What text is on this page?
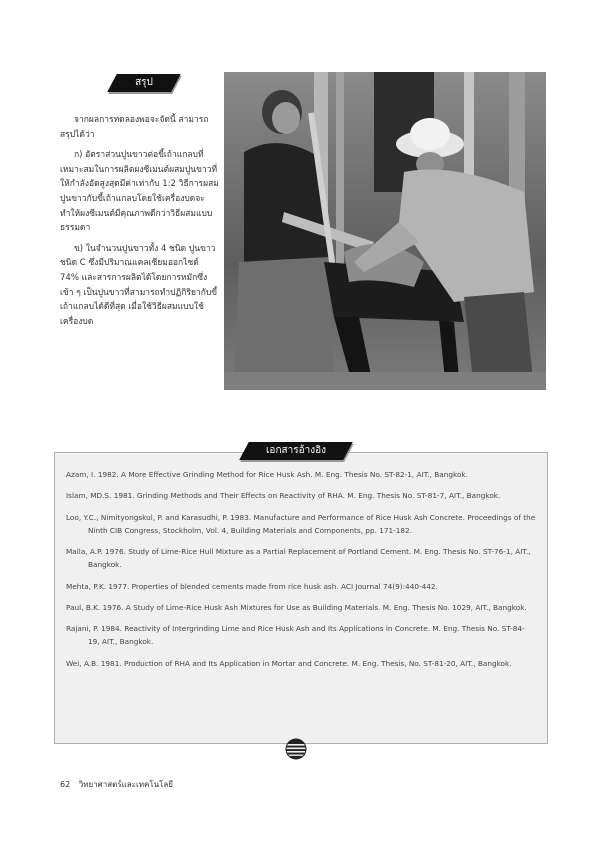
สรุป

จากผลการทดลองพอจะจัดนี้ สามารถสรุปได้ว่า

ก) อัตราส่วนปูนขาวต่อขี้เถ้าแกลบที่เหมาะสมในการผลิตผงซีเมนต์ผสมปูนขาวที่ให้กำลังอัดสูงสุดมีค่าเท่ากับ 1:2 วิธีการผสมปูนขาวกับขี้เถ้าแกลบโดยใช้เครื่องบดจะทำให้ผงซีเมนต์มีคุณภาพดีกว่าวิธีผสมแบบธรรมดา

ข) ในจำนวนปูนขาวทั้ง 4 ชนิด ปูนขาวชนิด C ซึ่งมีปริมาณแคลเซียมออกไซด์ 74% และสารการผลิตได้โดยการหมักซึ่งเข้า ๆ เป็นปูนขาวที่สามารถทำปฏิกิริยากับขี้เถ้าแกลบได้ดีที่สุด เมื่อใช้วิธีผสมแบบใช้เครื่องบด

เอกสารอ้างอิง
Azam, I. 1982. A More Effective Grinding Method for Rice Husk Ash. M. Eng. Thesis No. ST-82-1, AIT., Bangkok.
Islam, MD.S. 1981. Grinding Methods and Their Effects on Reactivity of RHA. M. Eng. Thesis No. ST-81-7, AIT., Bangkok.
Loo, Y.C., Nimityongskul, P. and Karasudhi, P. 1983. Manufacture and Performance of Rice Husk Ash Concrete. Proceedings of the Ninth CIB Congress, Stockholm, Vol. 4, Building Materials and Components, pp. 171-182.
Malla, A.P. 1976. Study of Lime-Rice Hull Mixture as a Partial Replacement of Portland Cement. M. Eng. Thesis No. ST-76-1, AIT., Bangkok.
Mehta, P.K. 1977. Properties of blended cements made from rice husk ash. ACI Journal 74(9):440-442.
Paul, B.K. 1976. A Study of Lime-Rice Husk Ash Mixtures for Use as Building Materials. M. Eng. Thesis No. 1029, AIT., Bangkok.
Rajani, P. 1984. Reactivity of Intergrinding Lime and Rice Husk Ash and Its Applications in Concrete. M. Eng. Thesis No. ST-84-19, AIT., Bangkok.
Wei, A.B. 1981. Production of RHA and Its Application in Mortar and Concrete. M. Eng. Thesis, No. ST-81-20, AIT., Bangkok.
62 วิทยาศาสตร์และเทคโนโลยี
